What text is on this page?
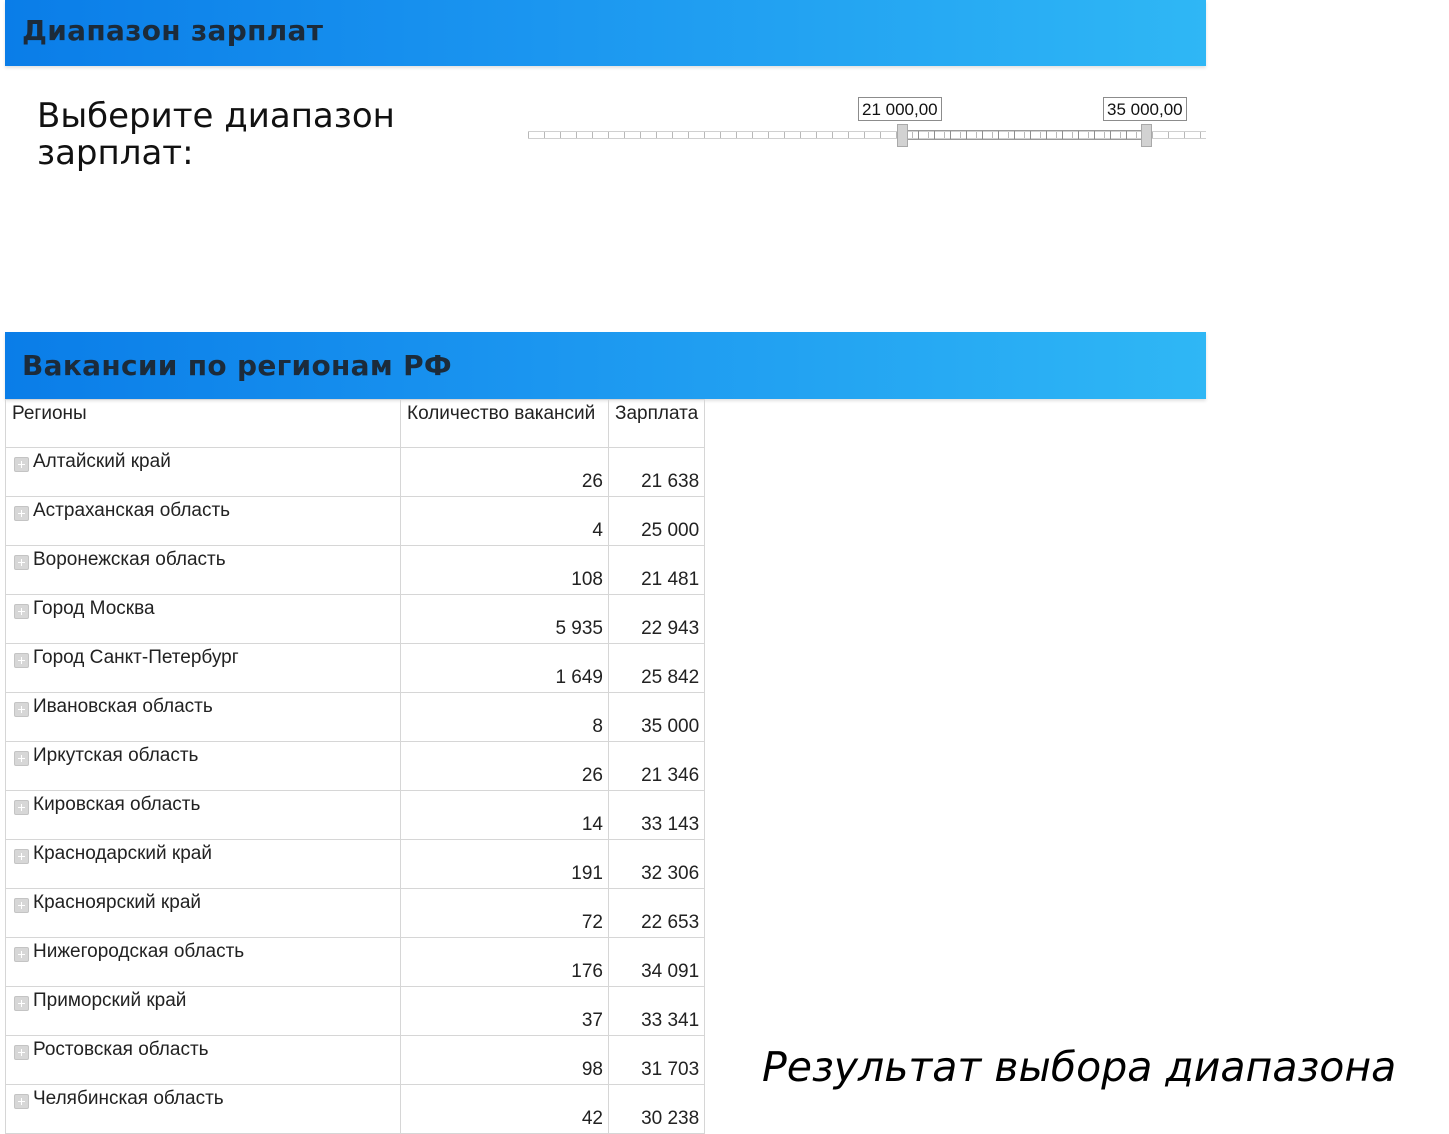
Диапазон зарплат
Выберите диапазон зарплат:
21 000,00	35 000,00
Вакансии по регионам РФ
Регионы	Количество вакансий	Зарплата
Алтайский край	26	21 638
Астраханская область	4	25 000
Воронежская область	108	21 481
Город Москва	5 935	22 943
Город Санкт-Петербург	1 649	25 842
Ивановская область	8	35 000
Иркутская область	26	21 346
Кировская область	14	33 143
Краснодарский край	191	32 306
Красноярский край	72	22 653
Нижегородская область	176	34 091
Приморский край	37	33 341
Ростовская область	98	31 703
Челябинская область	42	30 238
Результат выбора диапазона
